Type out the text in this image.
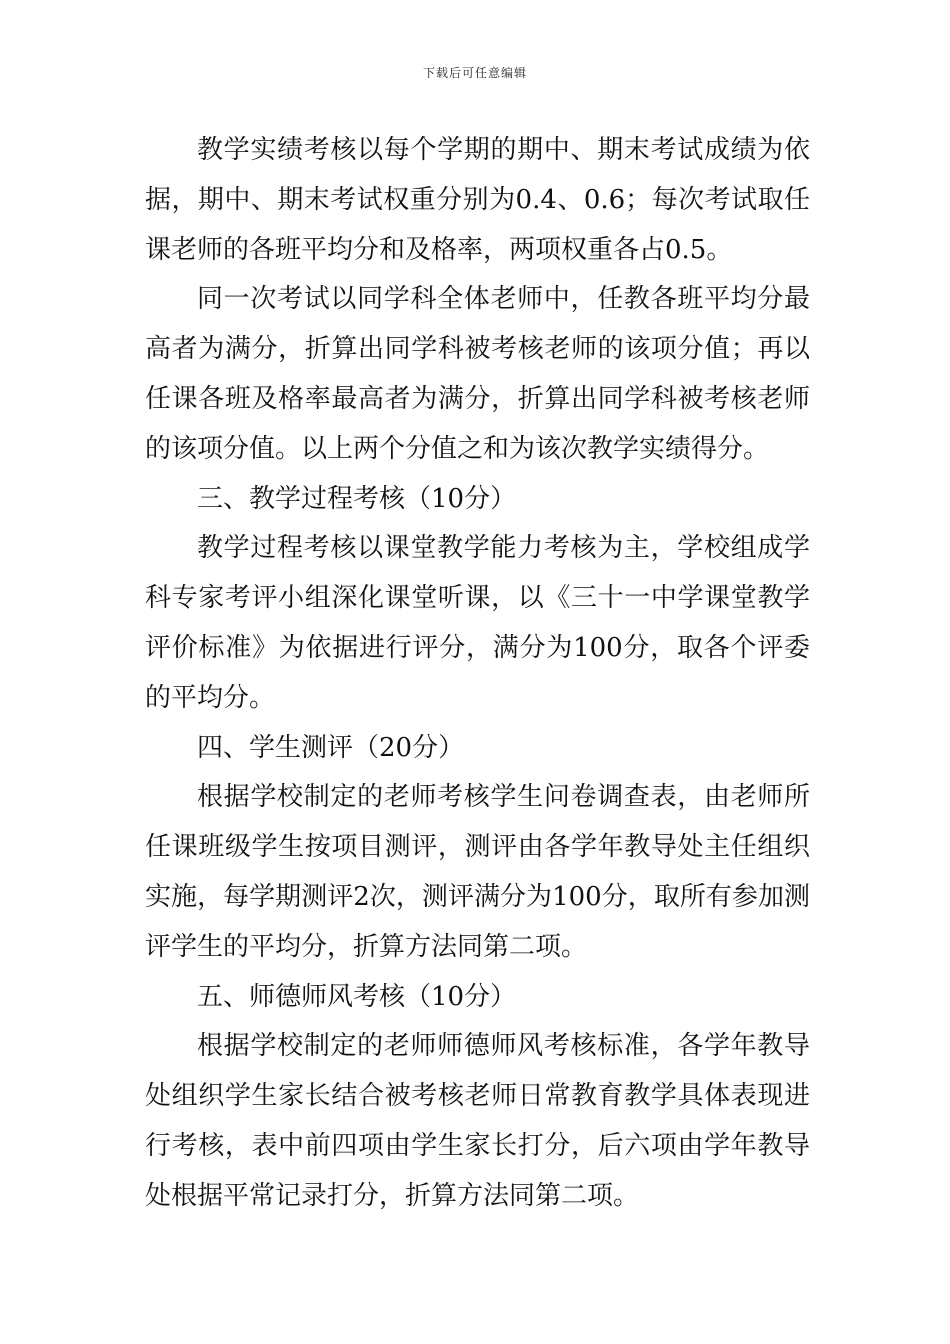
下载后可任意编辑

教学实绩考核以每个学期的期中、期末考试成绩为依据，期中、期末考试权重分别为0.4、0.6；每次考试取任课老师的各班平均分和及格率，两项权重各占0.5。

同一次考试以同学科全体老师中，任教各班平均分最高者为满分，折算出同学科被考核老师的该项分值；再以任课各班及格率最高者为满分，折算出同学科被考核老师的该项分值。以上两个分值之和为该次教学实绩得分。

三、教学过程考核（10分）

教学过程考核以课堂教学能力考核为主，学校组成学科专家考评小组深化课堂听课，以《三十一中学课堂教学评价标准》为依据进行评分，满分为100分，取各个评委的平均分。

四、学生测评（20分）

根据学校制定的老师考核学生问卷调查表，由老师所任课班级学生按项目测评，测评由各学年教导处主任组织实施，每学期测评2次，测评满分为100分，取所有参加测评学生的平均分，折算方法同第二项。

五、师德师风考核（10分）

根据学校制定的老师师德师风考核标准，各学年教导处组织学生家长结合被考核老师日常教育教学具体表现进行考核，表中前四项由学生家长打分，后六项由学年教导处根据平常记录打分，折算方法同第二项。
